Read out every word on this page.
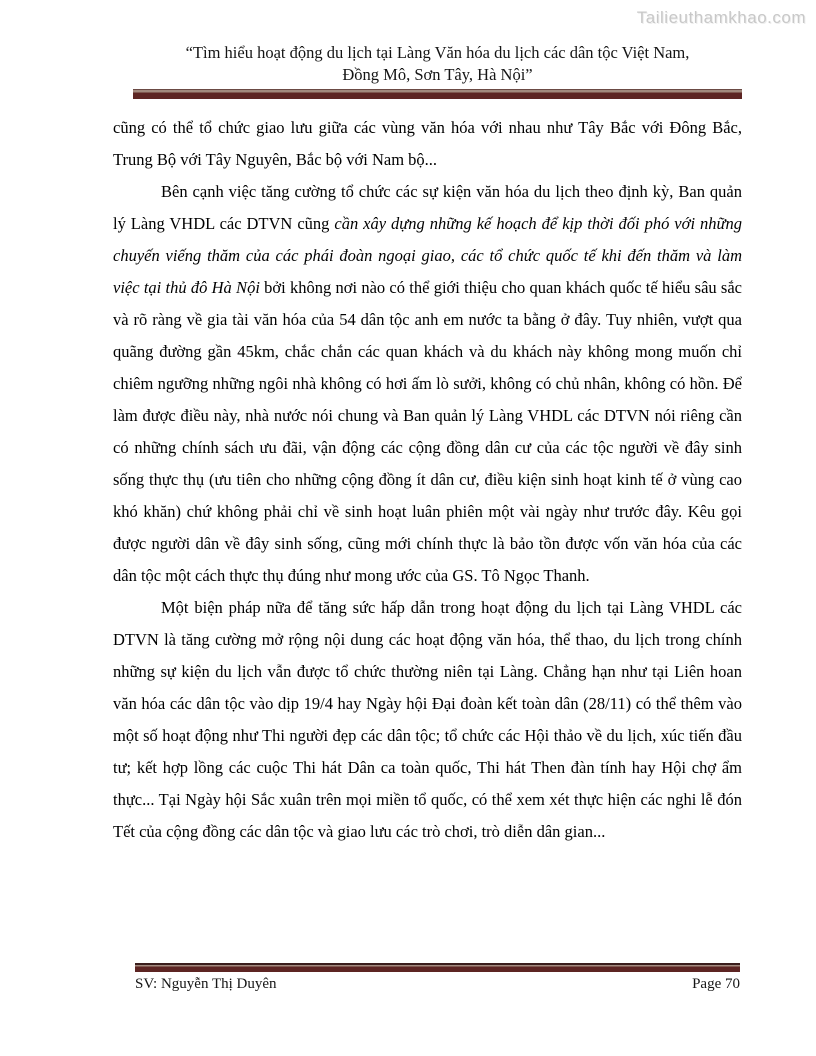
Tailieuthamkhao.com
“Tìm hiểu hoạt động du lịch tại Làng Văn hóa du lịch các dân tộc Việt Nam,
Đồng Mô, Sơn Tây, Hà Nội”

cũng có thể tổ chức giao lưu giữa các vùng văn hóa với nhau như Tây Bắc với Đông Bắc, Trung Bộ với Tây Nguyên, Bắc bộ với Nam bộ...

Bên cạnh việc tăng cường tổ chức các sự kiện văn hóa du lịch theo định kỳ, Ban quản lý Làng VHDL các DTVN cũng cần xây dựng những kế hoạch để kịp thời đối phó với những chuyến viếng thăm của các phái đoàn ngoại giao, các tổ chức quốc tế khi đến thăm và làm việc tại thủ đô Hà Nội bởi không nơi nào có thể giới thiệu cho quan khách quốc tế hiểu sâu sắc và rõ ràng về gia tài văn hóa của 54 dân tộc anh em nước ta bằng ở đây. Tuy nhiên, vượt qua quãng đường gần 45km, chắc chắn các quan khách và du khách này không mong muốn chỉ chiêm ngưỡng những ngôi nhà không có hơi ấm lò sưởi, không có chủ nhân, không có hồn. Để làm được điều này, nhà nước nói chung và Ban quản lý Làng VHDL các DTVN nói riêng cần có những chính sách ưu đãi, vận động các cộng đồng dân cư của các tộc người về đây sinh sống thực thụ (ưu tiên cho những cộng đồng ít dân cư, điều kiện sinh hoạt kinh tế ở vùng cao khó khăn) chứ không phải chỉ về sinh hoạt luân phiên một vài ngày như trước đây. Kêu gọi được người dân về đây sinh sống, cũng mới chính thực là bảo tồn được vốn văn hóa của các dân tộc một cách thực thụ đúng như mong ước của GS. Tô Ngọc Thanh.

Một biện pháp nữa để tăng sức hấp dẫn trong hoạt động du lịch tại Làng VHDL các DTVN là tăng cường mở rộng nội dung các hoạt động văn hóa, thể thao, du lịch trong chính những sự kiện du lịch vẫn được tổ chức thường niên tại Làng. Chẳng hạn như tại Liên hoan văn hóa các dân tộc vào dịp 19/4 hay Ngày hội Đại đoàn kết toàn dân (28/11) có thể thêm vào một số hoạt động như Thi người đẹp các dân tộc; tổ chức các Hội thảo về du lịch, xúc tiến đầu tư; kết hợp lồng các cuộc Thi hát Dân ca toàn quốc, Thi hát Then đàn tính hay Hội chợ ẩm thực... Tại Ngày hội Sắc xuân trên mọi miền tổ quốc, có thể xem xét thực hiện các nghi lễ đón Tết của cộng đồng các dân tộc và giao lưu các trò chơi, trò diễn dân gian...

SV: Nguyễn Thị Duyên	Page 70
